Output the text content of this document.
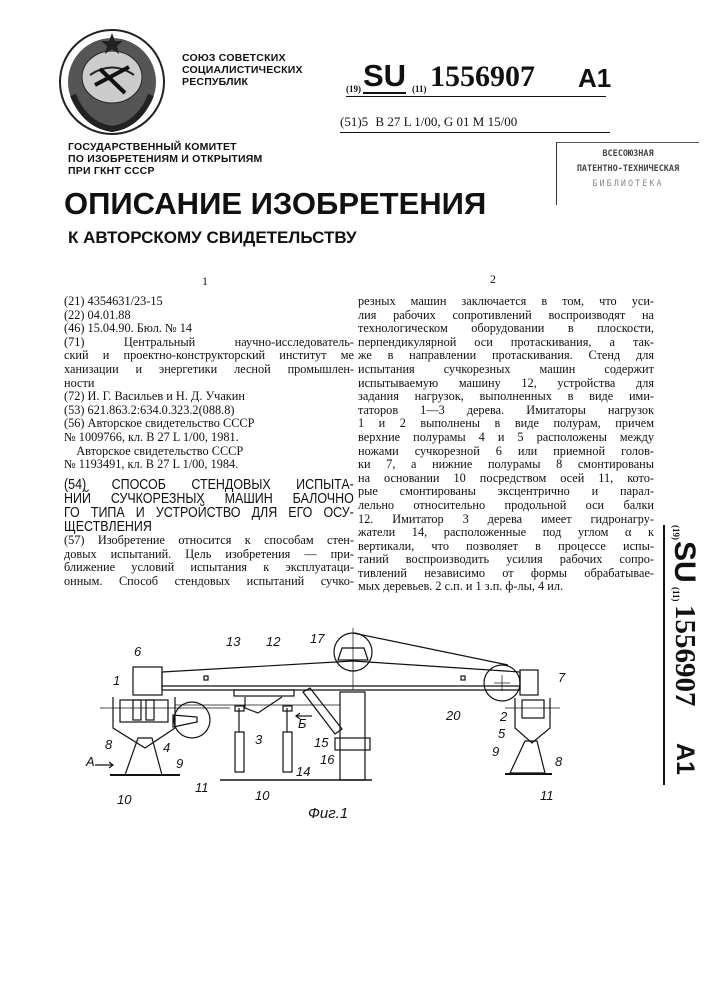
СОЮЗ СОВЕТСКИХ
СОЦИАЛИСТИЧЕСКИХ
РЕСПУБЛИК
(19) SU (11) 1556907 A1
(51)5 B 27 L 1/00, G 01 M 15/00
ГОСУДАРСТВЕННЫЙ КОМИТЕТ
ПО ИЗОБРЕТЕНИЯМ И ОТКРЫТИЯМ
ПРИ ГКНТ СССР
ВСЕСОЮЗНАЯ
ПАТЕНТНО-ТЕХНИЧЕСКАЯ
БИБЛИОТЕКА
ОПИСАНИЕ ИЗОБРЕТЕНИЯ
К АВТОРСКОМУ СВИДЕТЕЛЬСТВУ
1	2
(21) 4354631/23-15
(22) 04.01.88
(46) 15.04.90. Бюл. № 14
(71) Центральный научно-исследователь-
ский и проектно-конструкторский институт ме
ханизации и энергетики лесной промышлен-
ности
(72) И. Г. Васильев и Н. Д. Учакин
(53) 621.863.2:634.0.323.2(088.8)
(56) Авторское свидетельство СССР
№ 1009766, кл. B 27 L 1/00, 1981.
Авторское свидетельство СССР
№ 1193491, кл. B 27 L 1/00, 1984.
(54) СПОСОБ СТЕНДОВЫХ ИСПЫТА-
НИЙ СУЧКОРЕЗНЫХ МАШИН БАЛОЧНО
ГО ТИПА И УСТРОЙСТВО ДЛЯ ЕГО ОСУ-
ЩЕСТВЛЕНИЯ
(57) Изобретение относится к способам стен-
довых испытаний. Цель изобретения — при-
ближение условий испытания к эксплуатаци-
онным. Способ стендовых испытаний сучко-
резных машин заключается в том, что уси-
лия рабочих сопротивлений воспроизводят на
технологическом оборудовании в плоскости,
перпендикулярной оси протаскивания, а так-
же в направлении протаскивания. Стенд для
испытания сучкорезных машин содержит
испытываемую машину 12, устройства для
задания нагрузок, выполненных в виде ими-
таторов 1—3 дерева. Имитаторы нагрузок
1 и 2 выполнены в виде полурам, причем
верхние полурамы 4 и 5 расположены между
ножами сучкорезной 6 или приемной голов-
ки 7, а нижние полурамы 8 смонтированы
на основании 10 посредством осей 11, кото-
рые смонтированы эксцентрично и парал-
лельно относительно продольной оси балки
12. Имитатор 3 дерева имеет гидронагру-
жатели 14, расположенные под углом α к
вертикали, что позволяет в процессе испы-
таний воспроизводить усилия рабочих сопро-
тивлений независимо от формы обрабатывае-
мых деревьев. 2 с.п. и 1 з.п. ф-лы, 4 ил.
(19)
SU
(11)
1556907
A1
6
1
13 12 17
7
4
3
Б
15
16
14
20	2
5
9
8
11
8
9
А
10
11
10
Фиг.1
